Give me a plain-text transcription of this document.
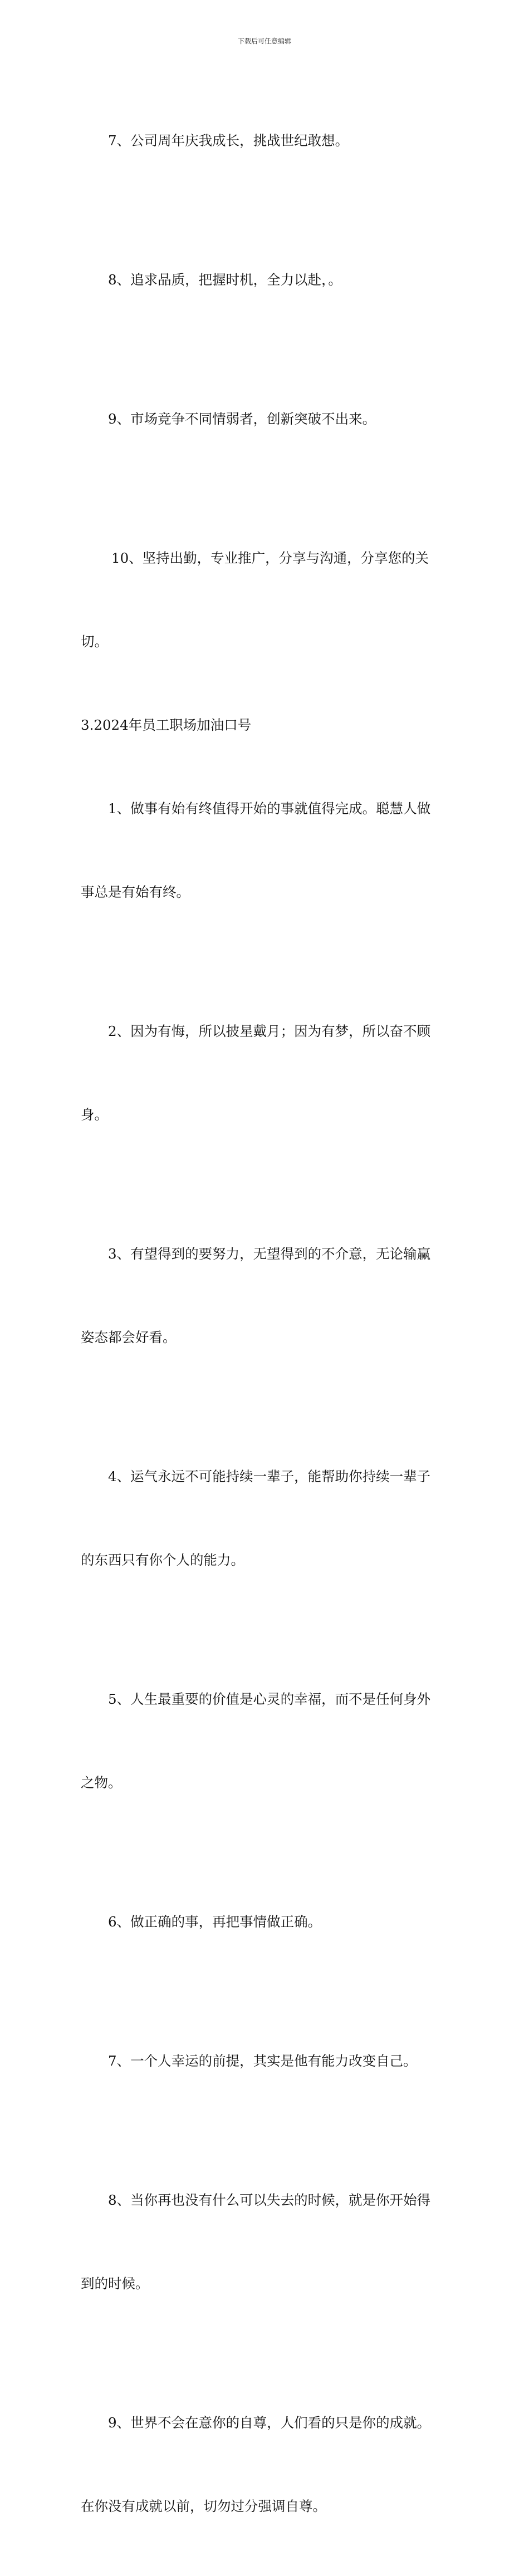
下载后可任意编辑

7、公司周年庆我成长，挑战世纪敢想。

8、追求品质，把握时机，全力以赴，。

9、市场竞争不同情弱者，创新突破不出来。

10、坚持出勤，专业推广，分享与沟通，分享您的关

切。

3.2024年员工职场加油口号

1、做事有始有终值得开始的事就值得完成。聪慧人做

事总是有始有终。

2、因为有悔，所以披星戴月；因为有梦，所以奋不顾

身。

3、有望得到的要努力，无望得到的不介意，无论输赢

姿态都会好看。

4、运气永远不可能持续一辈子，能帮助你持续一辈子

的东西只有你个人的能力。

5、人生最重要的价值是心灵的幸福，而不是任何身外

之物。

6、做正确的事，再把事情做正确。

7、一个人幸运的前提，其实是他有能力改变自己。

8、当你再也没有什么可以失去的时候，就是你开始得

到的时候。

9、世界不会在意你的自尊，人们看的只是你的成就。

在你没有成就以前，切勿过分强调自尊。
